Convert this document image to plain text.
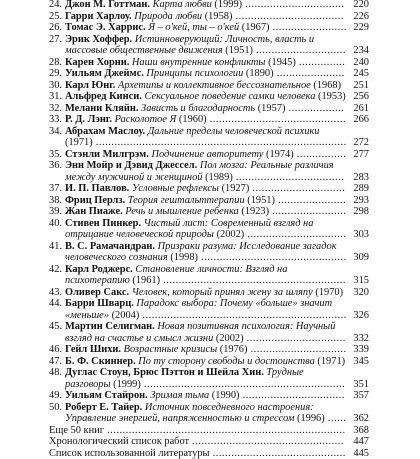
24. Джон М. Готтман. Карта любви (1999) ................................ 220
25. Гарри Харлоу. Природа любви (1958) ................................... 226
26. Томас Э. Харрис. Я – о'кей, ты – о'кей (1967) ........................ 229
27. Эрик Хоффер. Истинноверующий: Личность, власть и массовые общественные движения (1951) ............................. 234
28. Карен Хорни. Наши внутренние конфликты (1945) ............... 240
29. Уильям Джеймс. Принципы психологии (1890) ...................... 245
30. Карл Юнг. Архетипы и коллективное бессознательное (1968)	251
31. Альфред Кинси. Сексуальное поведение самки человека (1953) 256
32. Мелани Кляйн. Зависть и благодарность (1957) .................. 261
33. Р. Д. Лэнг. Расколотое Я (1960) ............................................ 266
34. Абрахам Маслоу. Дальние пределы человеческой психики (1971) ................................................................................. 272
35. Стэнли Милгрэм. Подчинение авторитету (1974) ................ 277
36. Энн Мойр и Дэвид Джессел. Пол мозга: Реальные различия между мужчиной и женщиной (1989) ................................... 283
37. И. П. Павлов. Условные рефлексы (1927) .............................. 289
38. Фриц Перлз. Теория гештальттерапии (1951) ...................... 293
39. Жан Пиаже. Речь и мышление ребенка (1923) ........................ 298
40. Стивен Пинкер. Чистый лист: Современный взгляд на отрицание человеческой природы (2002) ................................ 303
41. В. С. Рамачандран. Призраки разума: Исследование загадок человеческого сознания (1998) ............................................... 309
42. Карл Роджерс. Становление личности: Взгляд на психотерапию (1961) ........................................................... 315
43. Оливер Сакс. Человек, который принял жену за шляпу (1970) 320
44. Барри Шварц. Парадокс выбора: Почему «больше» значит «меньше» (2004) .................................................................. 326
45. Мартин Селигман. Новая позитивная психология: Научный взгляд на счастье и смысл жизни (2002) ................................ 332
46. Гейл Шихи. Возрастные кризисы (1976) ............................... 339
47. Б. Ф. Скиннер. По ту сторону свободы и достоинства (1971) 345
48. Дуглас Стоун, Брюс Пэттон и Шейла Хин. Трудные разговоры (1999) ................................................................. 351
49. Уильям Стайрон. Зримая тьма (1990) ................................. 357
50. Роберт Е. Тайер. Источник повседневного настроения: Управление энергией, напряженностью и стрессом (1996) ...... 362
Еще 50 книг ............................................................................. 368
Хронологический список работ ................................................. 447
Список использованной литературы ........................................... 445
